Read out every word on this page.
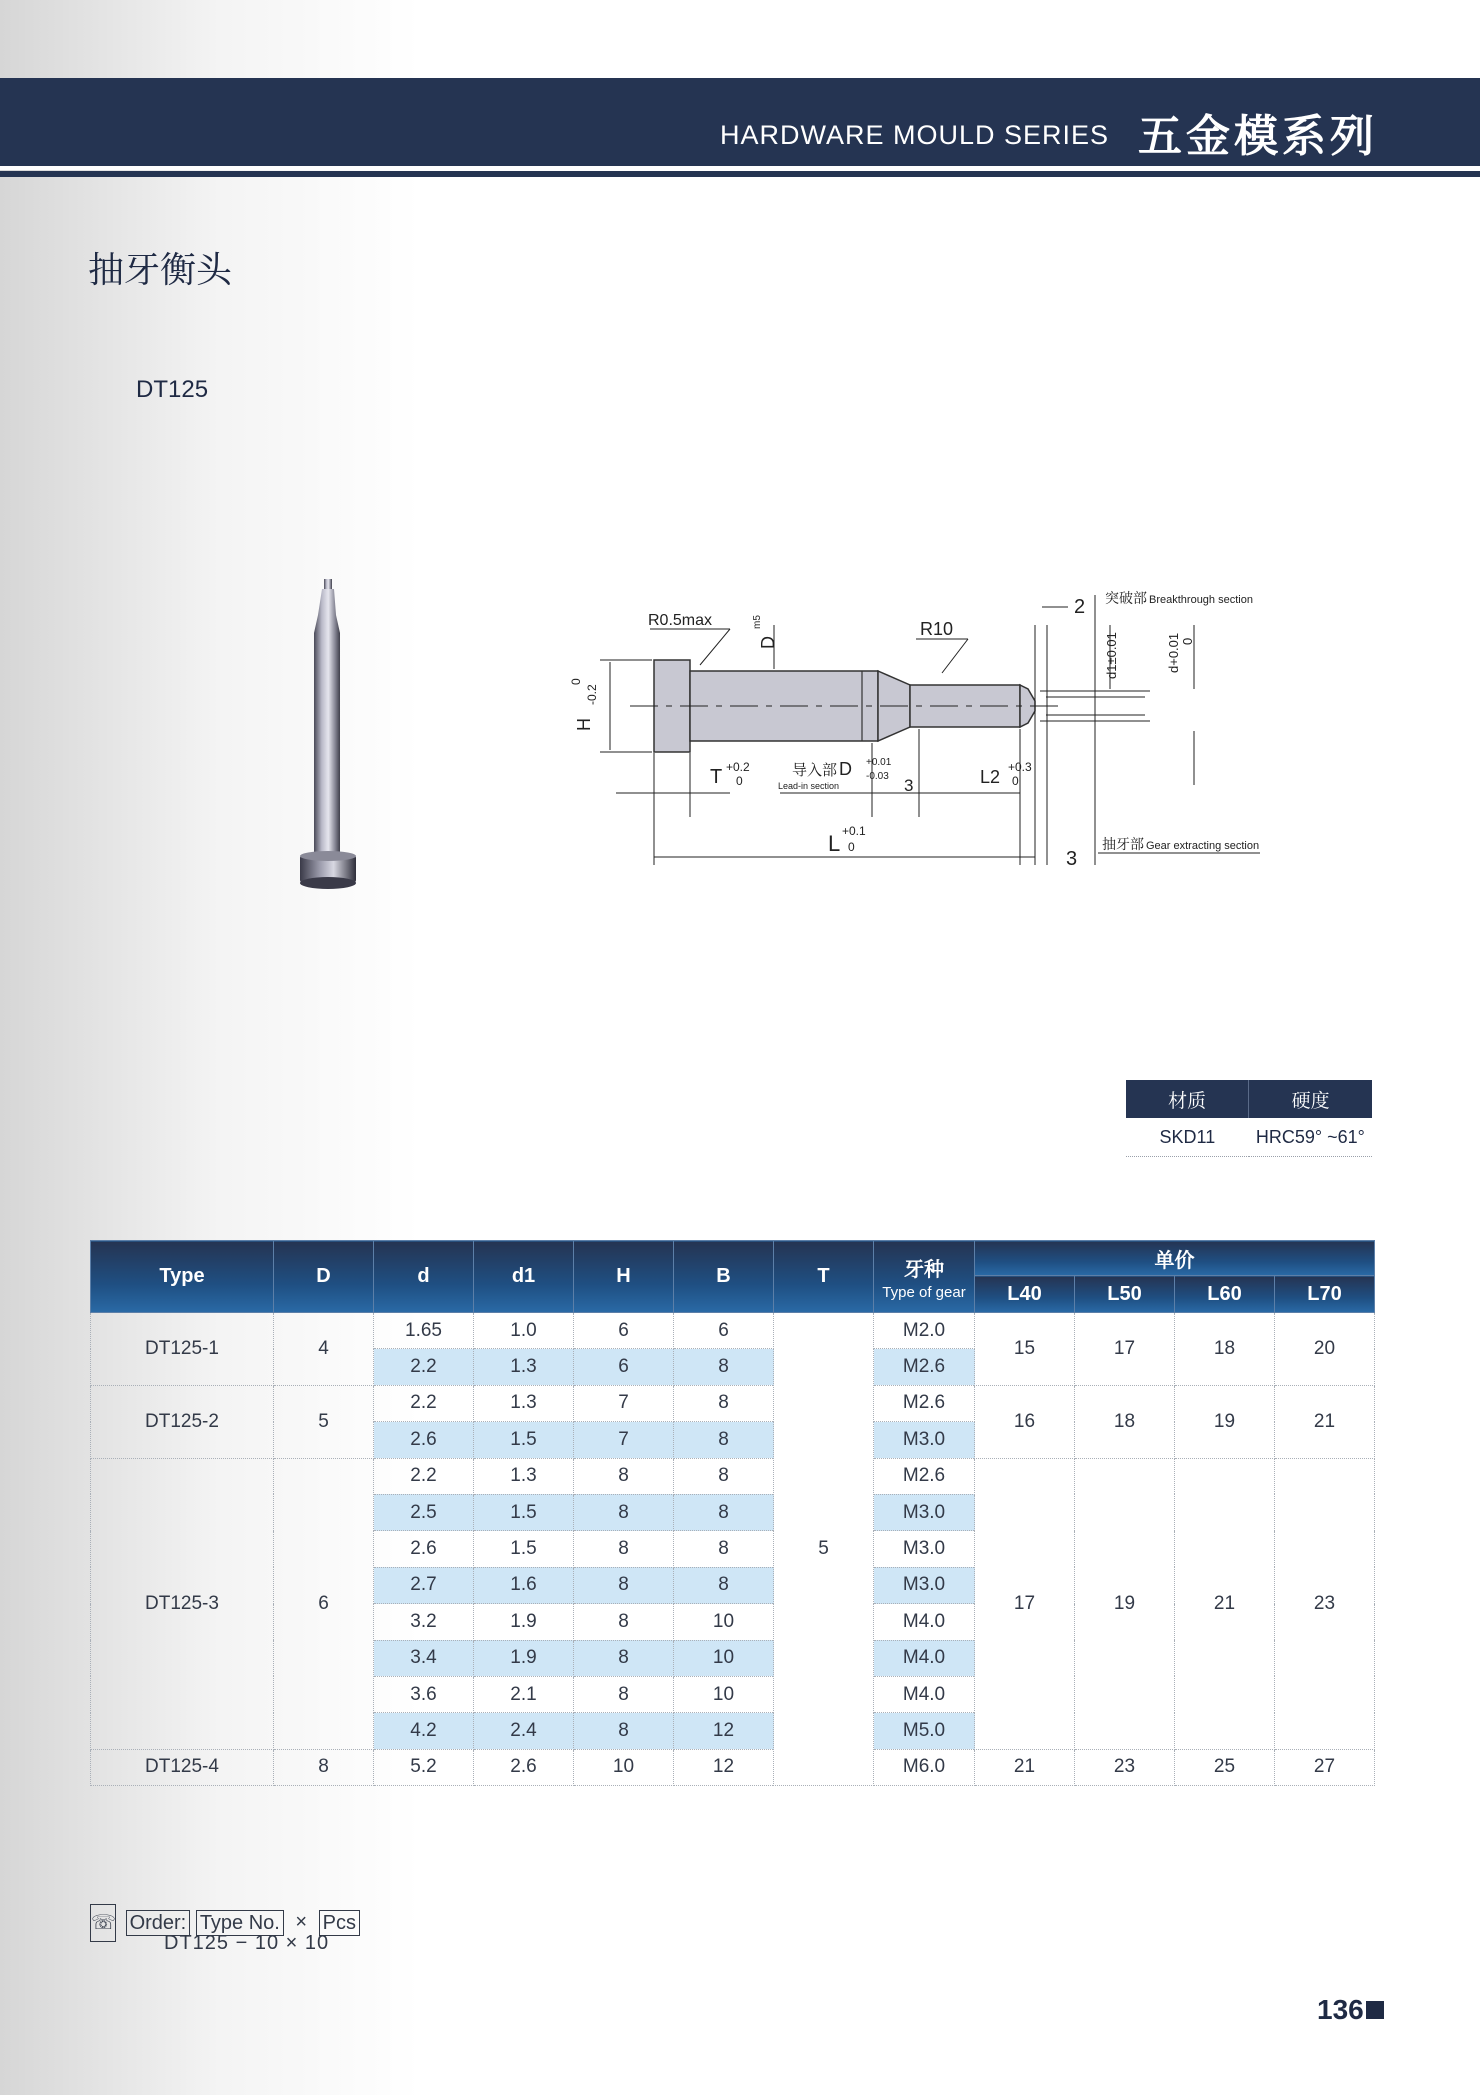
HARDWARE MOULD SERIES 五金模系列
抽牙衡头
DT125
H
0
-0.2
R0.5max
D
m5	R10
2 突破部 Breakthrough section
d1±0.01	d+0.01 0
T +0.2
0
导入部 D +0.01
-0.03
Lead-in section	3	L2 +0.3
0
L +0.1
0
3
抽牙部 Gear extracting section
材质	硬度
SKD11	HRC59° ~61°
Type	D	d	d1	H	B	T	牙种
Type of gear	单价			
								L40	L50	L60	L70
DT125-1	4	1.65	1.0	6	6	5	M2.0	15	17	18	20
		2.2	1.3	6	8		M2.6				
DT125-2	5	2.2	1.3	7	8		M2.6	16	18	19	21
		2.6	1.5	7	8		M3.0				
DT125-3	6	2.2	1.3	8	8		M2.6	17	19	21	23
		2.5	1.5	8	8		M3.0				
		2.6	1.5	8	8		M3.0				
		2.7	1.6	8	8		M3.0				
		3.2	1.9	8	10		M4.0				
		3.4	1.9	8	10		M4.0				
		3.6	2.1	8	10		M4.0				
		4.2	2.4	8	12		M5.0				
DT125-4	8	5.2	2.6	10	12		M6.0	21	23	25	27
☏ Order: Type No. × Pcs
DT125 − 10 × 10
136
